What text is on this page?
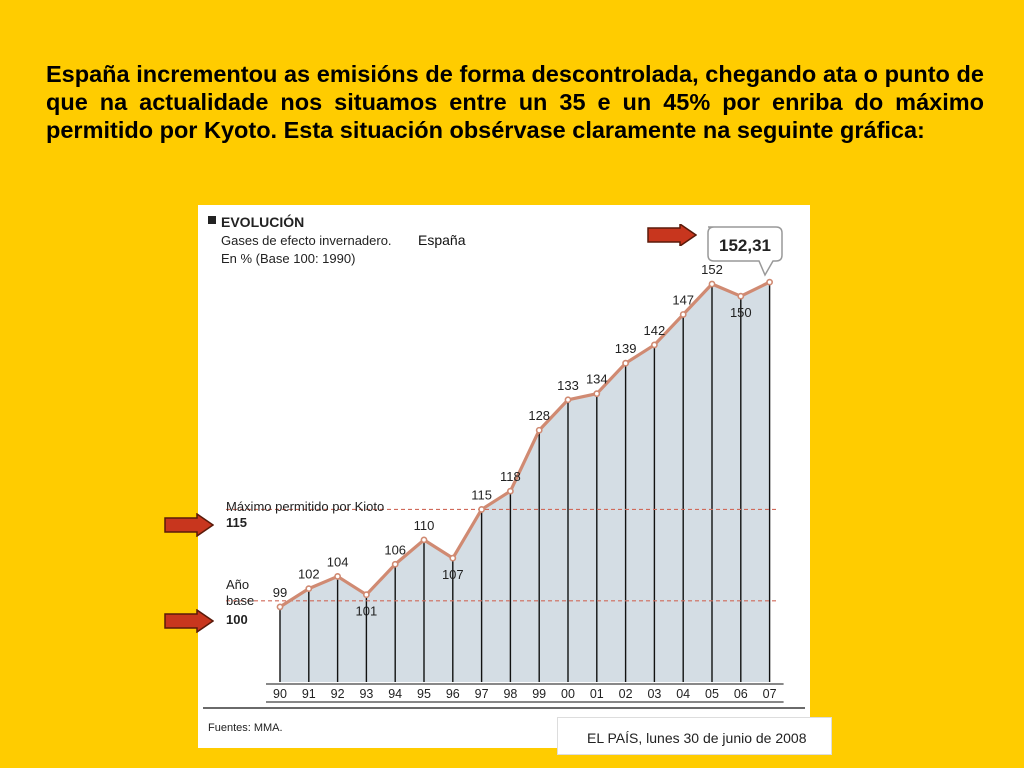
España incrementou as emisións de forma descontrolada, chegando ata o punto de que na actualidade nos situamos entre un 35 e un 45% por enriba do máximo permitido por Kyoto. Esta situación obsérvase claramente na seguinte gráfica:

EVOLUCIÓN
Gases de efecto invernadero.
En % (Base 100: 1990)
España
99
102
104
101
106
110
107
115
118
128
133 134
139
142
147
152
150
90 91 92 93 94 95 96 97 98 99 00 01 02 03 04 05 06 07
Máximo permitido por Kioto
115
Año
base
100
152,31
Fuentes: MMA.
EL PAÍS, lunes 30 de junio de 2008
